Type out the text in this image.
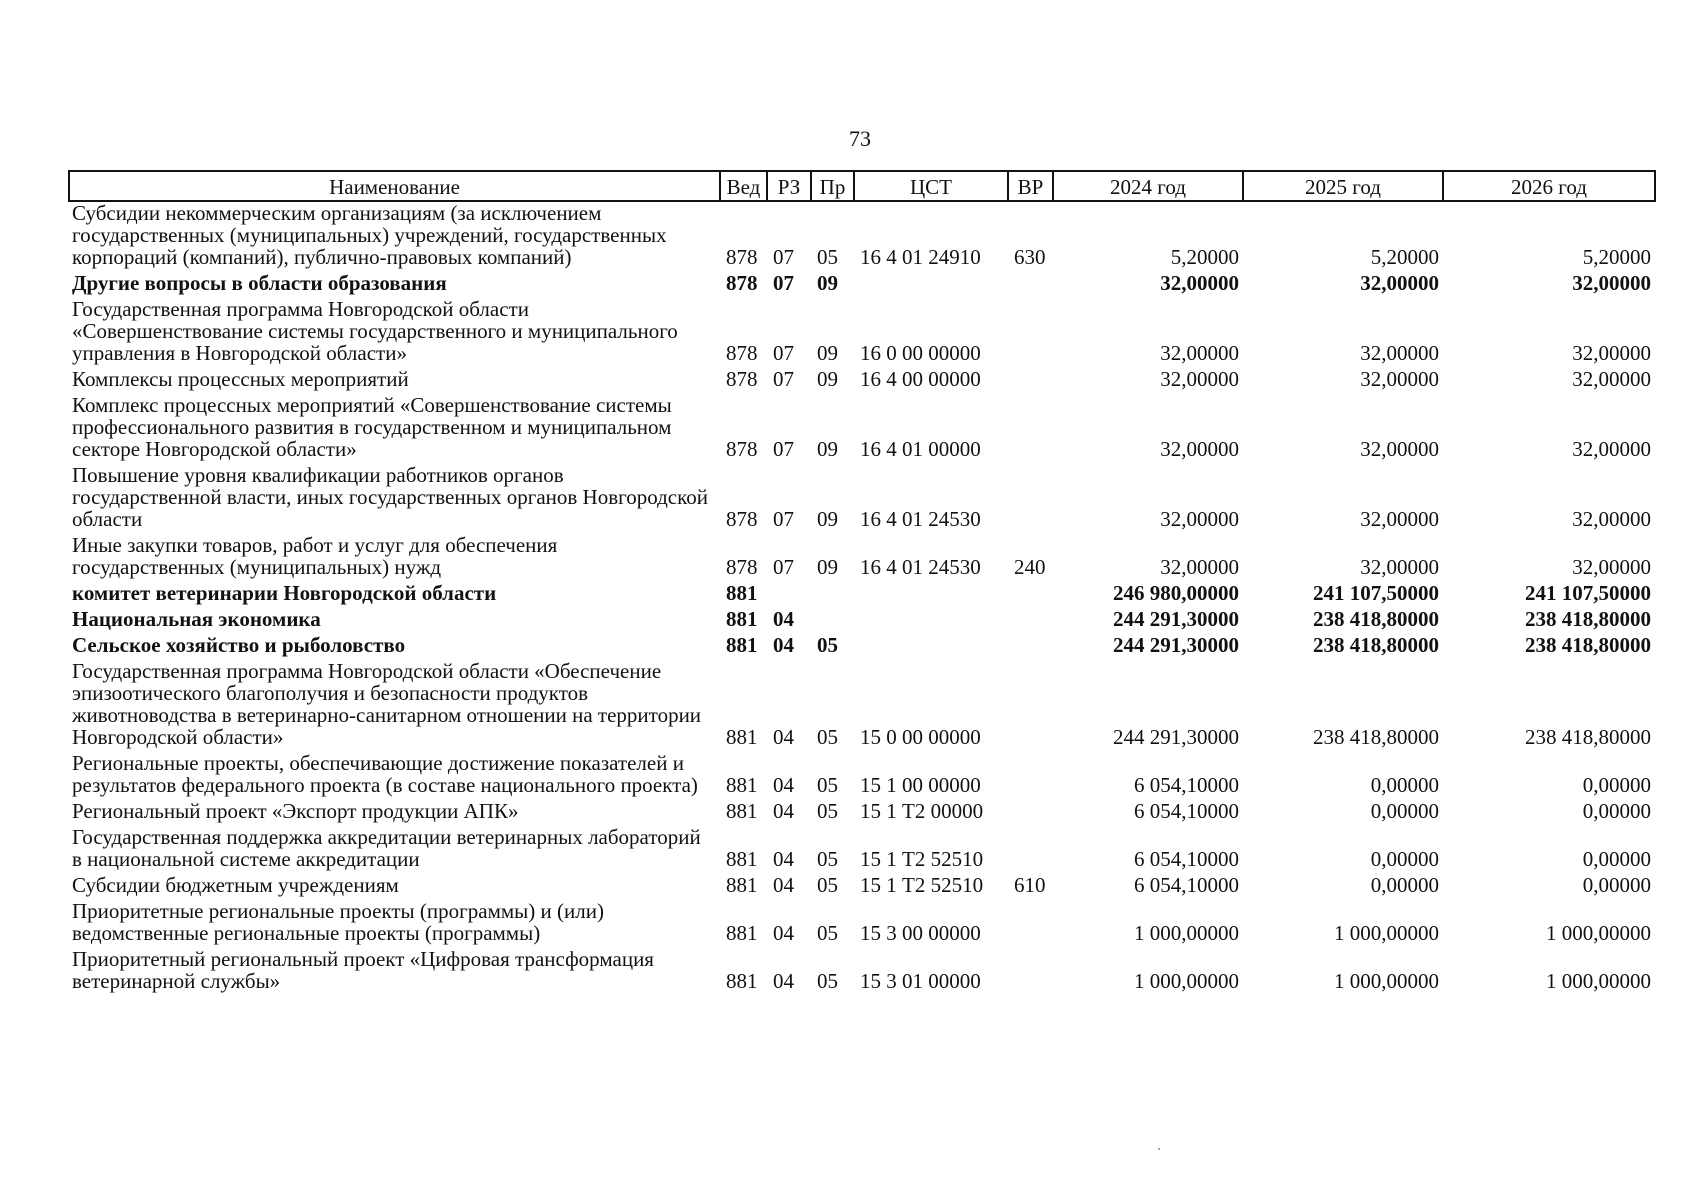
73
Наименование	Вед	РЗ	Пр	ЦСТ	ВР	2024 год	2025 год	2026 год
Субсидии некоммерческим организациям (за исключением государственных (муниципальных) учреждений, государственных корпораций (компаний), публично-правовых компаний)	878	07	05	16 4 01 24910	630	5,20000	5,20000	5,20000
Другие вопросы в области образования	878	07	09			32,00000	32,00000	32,00000
Государственная программа Новгородской области «Совершенствование системы государственного и муниципального управления в Новгородской области»	878	07	09	16 0 00 00000		32,00000	32,00000	32,00000
Комплексы процессных мероприятий	878	07	09	16 4 00 00000		32,00000	32,00000	32,00000
Комплекс процессных мероприятий «Совершенствование системы профессионального развития в государственном и муниципальном секторе Новгородской области»	878	07	09	16 4 01 00000		32,00000	32,00000	32,00000
Повышение уровня квалификации работников органов государственной власти, иных государственных органов Новгородской области	878	07	09	16 4 01 24530		32,00000	32,00000	32,00000
Иные закупки товаров, работ и услуг для обеспечения государственных (муниципальных) нужд	878	07	09	16 4 01 24530	240	32,00000	32,00000	32,00000
комитет ветеринарии Новгородской области	881					246 980,00000	241 107,50000	241 107,50000
Национальная экономика	881	04				244 291,30000	238 418,80000	238 418,80000
Сельское хозяйство и рыболовство	881	04	05			244 291,30000	238 418,80000	238 418,80000
Государственная программа Новгородской области «Обеспечение эпизоотического благополучия и безопасности продуктов животноводства в ветеринарно-санитарном отношении на территории Новгородской области»	881	04	05	15 0 00 00000		244 291,30000	238 418,80000	238 418,80000
Региональные проекты, обеспечивающие достижение показателей и результатов федерального проекта (в составе национального проекта)	881	04	05	15 1 00 00000		6 054,10000	0,00000	0,00000
Региональный проект «Экспорт продукции АПК»	881	04	05	15 1 Т2 00000		6 054,10000	0,00000	0,00000
Государственная поддержка аккредитации ветеринарных лабораторий в национальной системе аккредитации	881	04	05	15 1 Т2 52510		6 054,10000	0,00000	0,00000
Субсидии бюджетным учреждениям	881	04	05	15 1 Т2 52510	610	6 054,10000	0,00000	0,00000
Приоритетные региональные проекты (программы) и (или) ведомственные региональные проекты (программы)	881	04	05	15 3 00 00000		1 000,00000	1 000,00000	1 000,00000
Приоритетный региональный проект «Цифровая трансформация ветеринарной службы»	881	04	05	15 3 01 00000		1 000,00000	1 000,00000	1 000,00000
